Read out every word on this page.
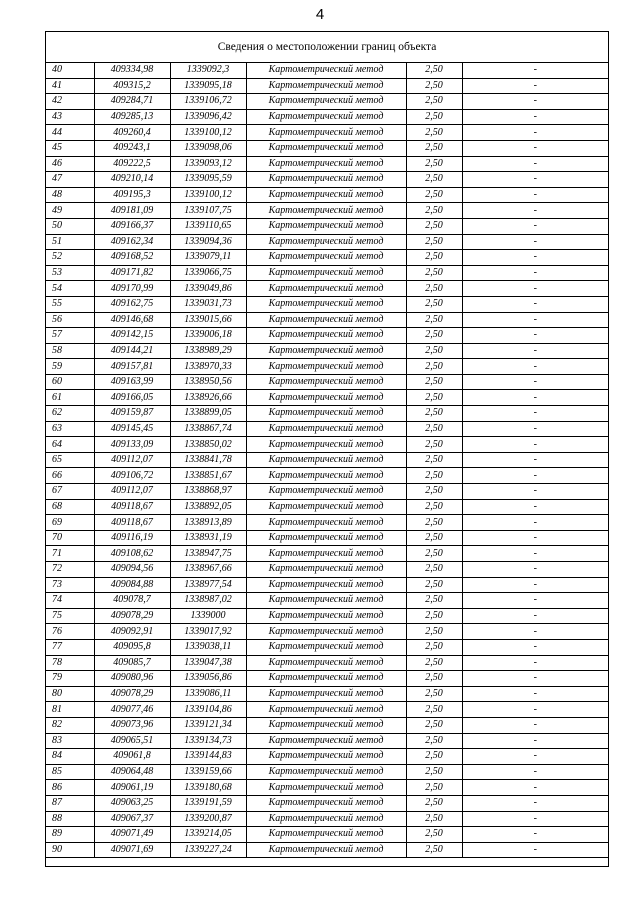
4
Сведения о местоположении границ объекта
40	409334,98	1339092,3	Картометрический метод	2,50	-
41	409315,2	1339095,18	Картометрический метод	2,50	-
42	409284,71	1339106,72	Картометрический метод	2,50	-
43	409285,13	1339096,42	Картометрический метод	2,50	-
44	409260,4	1339100,12	Картометрический метод	2,50	-
45	409243,1	1339098,06	Картометрический метод	2,50	-
46	409222,5	1339093,12	Картометрический метод	2,50	-
47	409210,14	1339095,59	Картометрический метод	2,50	-
48	409195,3	1339100,12	Картометрический метод	2,50	-
49	409181,09	1339107,75	Картометрический метод	2,50	-
50	409166,37	1339110,65	Картометрический метод	2,50	-
51	409162,34	1339094,36	Картометрический метод	2,50	-
52	409168,52	1339079,11	Картометрический метод	2,50	-
53	409171,82	1339066,75	Картометрический метод	2,50	-
54	409170,99	1339049,86	Картометрический метод	2,50	-
55	409162,75	1339031,73	Картометрический метод	2,50	-
56	409146,68	1339015,66	Картометрический метод	2,50	-
57	409142,15	1339006,18	Картометрический метод	2,50	-
58	409144,21	1338989,29	Картометрический метод	2,50	-
59	409157,81	1338970,33	Картометрический метод	2,50	-
60	409163,99	1338950,56	Картометрический метод	2,50	-
61	409166,05	1338926,66	Картометрический метод	2,50	-
62	409159,87	1338899,05	Картометрический метод	2,50	-
63	409145,45	1338867,74	Картометрический метод	2,50	-
64	409133,09	1338850,02	Картометрический метод	2,50	-
65	409112,07	1338841,78	Картометрический метод	2,50	-
66	409106,72	1338851,67	Картометрический метод	2,50	-
67	409112,07	1338868,97	Картометрический метод	2,50	-
68	409118,67	1338892,05	Картометрический метод	2,50	-
69	409118,67	1338913,89	Картометрический метод	2,50	-
70	409116,19	1338931,19	Картометрический метод	2,50	-
71	409108,62	1338947,75	Картометрический метод	2,50	-
72	409094,56	1338967,66	Картометрический метод	2,50	-
73	409084,88	1338977,54	Картометрический метод	2,50	-
74	409078,7	1338987,02	Картометрический метод	2,50	-
75	409078,29	1339000	Картометрический метод	2,50	-
76	409092,91	1339017,92	Картометрический метод	2,50	-
77	409095,8	1339038,11	Картометрический метод	2,50	-
78	409085,7	1339047,38	Картометрический метод	2,50	-
79	409080,96	1339056,86	Картометрический метод	2,50	-
80	409078,29	1339086,11	Картометрический метод	2,50	-
81	409077,46	1339104,86	Картометрический метод	2,50	-
82	409073,96	1339121,34	Картометрический метод	2,50	-
83	409065,51	1339134,73	Картометрический метод	2,50	-
84	409061,8	1339144,83	Картометрический метод	2,50	-
85	409064,48	1339159,66	Картометрический метод	2,50	-
86	409061,19	1339180,68	Картометрический метод	2,50	-
87	409063,25	1339191,59	Картометрический метод	2,50	-
88	409067,37	1339200,87	Картометрический метод	2,50	-
89	409071,49	1339214,05	Картометрический метод	2,50	-
90	409071,69	1339227,24	Картометрический метод	2,50	-
